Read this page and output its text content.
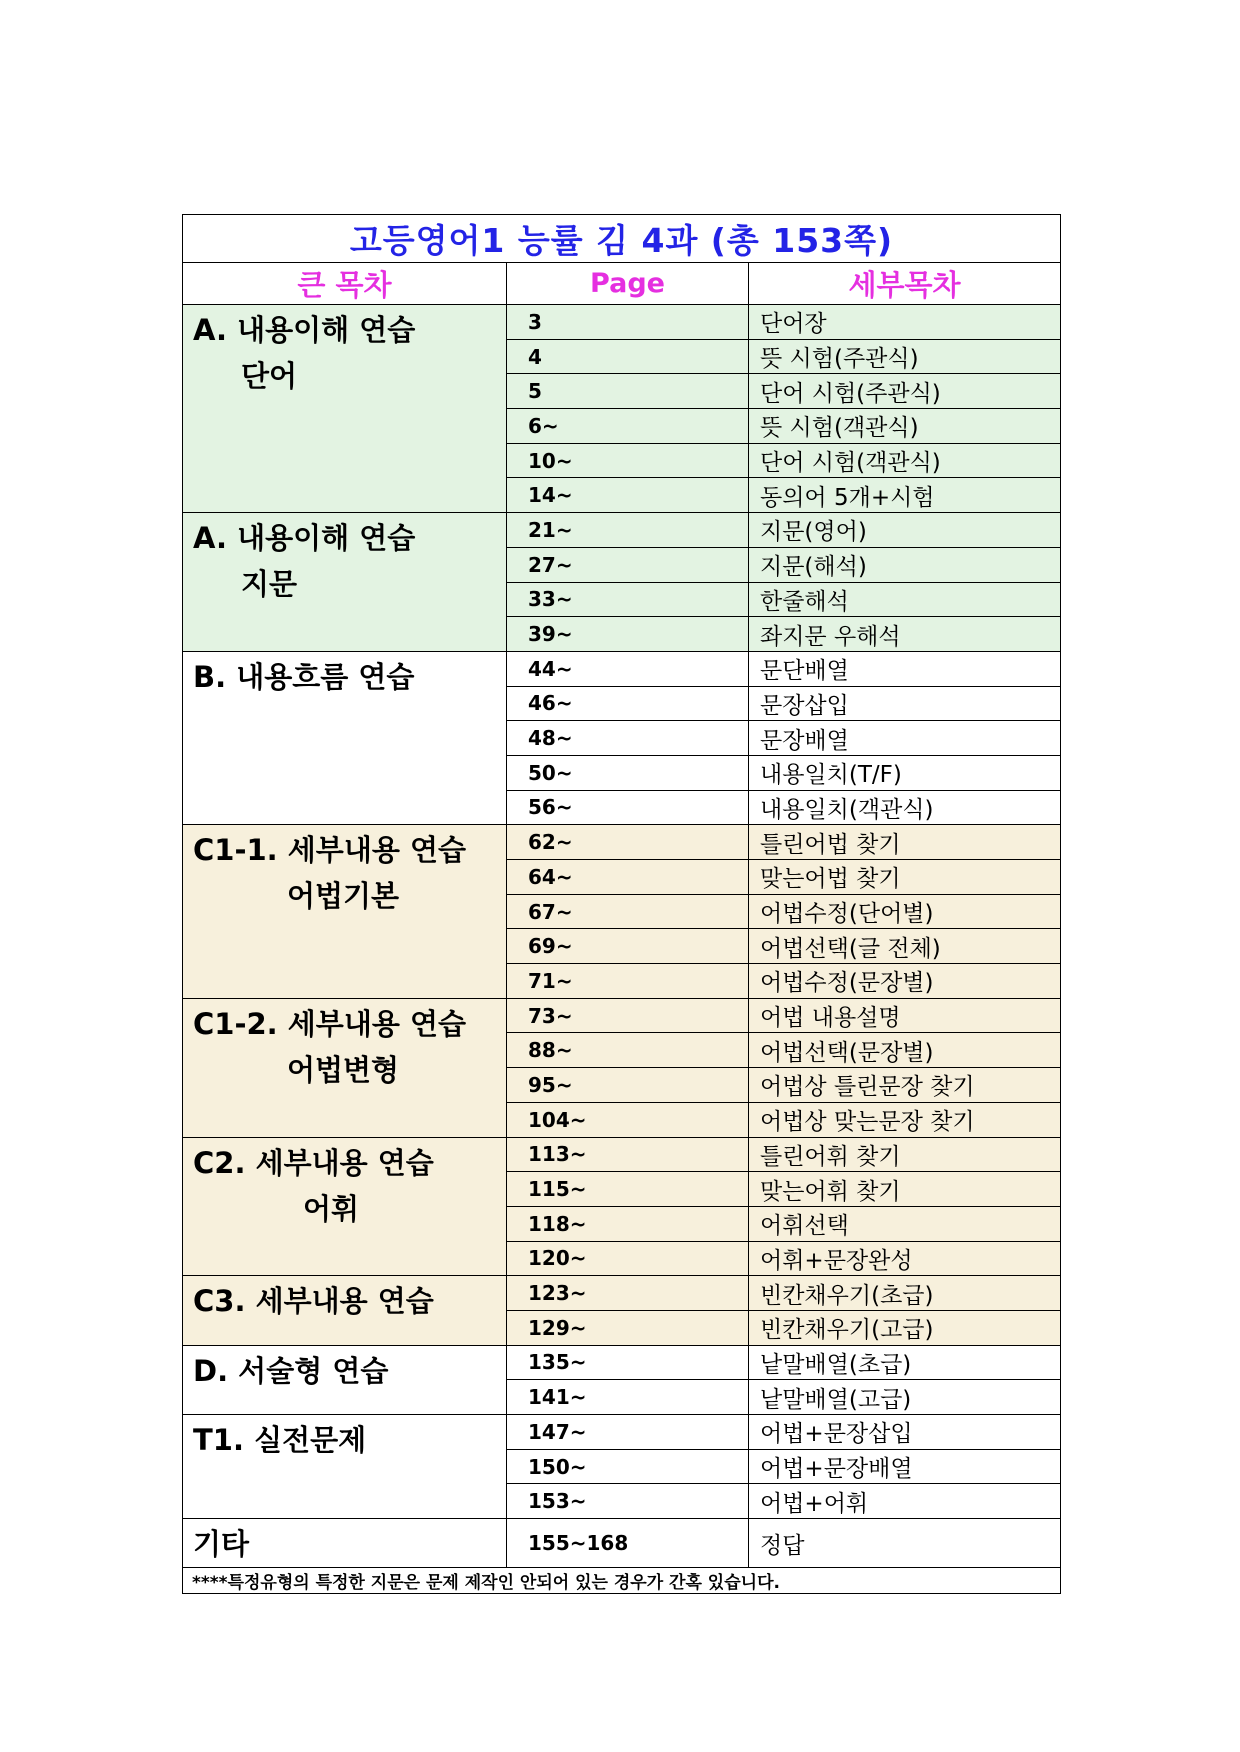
고등영어1 능률 김 4과 (총 153쪽)		
큰 목차	Page	세부목차
A. 내용이해 연습
단어	3	단어장
	4	뜻 시험(주관식)
	5	단어 시험(주관식)
	6~	뜻 시험(객관식)
	10~	단어 시험(객관식)
	14~	동의어 5개+시험
A. 내용이해 연습
지문	21~	지문(영어)
	27~	지문(해석)
	33~	한줄해석
	39~	좌지문 우해석
B. 내용흐름 연습	44~	문단배열
	46~	문장삽입
	48~	문장배열
	50~	내용일치(T/F)
	56~	내용일치(객관식)
C1-1. 세부내용 연습
어법기본	62~	틀린어법 찾기
	64~	맞는어법 찾기
	67~	어법수정(단어별)
	69~	어법선택(글 전체)
	71~	어법수정(문장별)
C1-2. 세부내용 연습
어법변형	73~	어법 내용설명
	88~	어법선택(문장별)
	95~	어법상 틀린문장 찾기
	104~	어법상 맞는문장 찾기
C2. 세부내용 연습
어휘	113~	틀린어휘 찾기
	115~	맞는어휘 찾기
	118~	어휘선택
	120~	어휘+문장완성
C3. 세부내용 연습	123~	빈칸채우기(초급)
	129~	빈칸채우기(고급)
D. 서술형 연습	135~	낱말배열(초급)
	141~	낱말배열(고급)
T1. 실전문제	147~	어법+문장삽입
	150~	어법+문장배열
	153~	어법+어휘
기타	155~168	정답
****특정유형의 특정한 지문은 문제 제작인 안되어 있는 경우가 간혹 있습니다.		
